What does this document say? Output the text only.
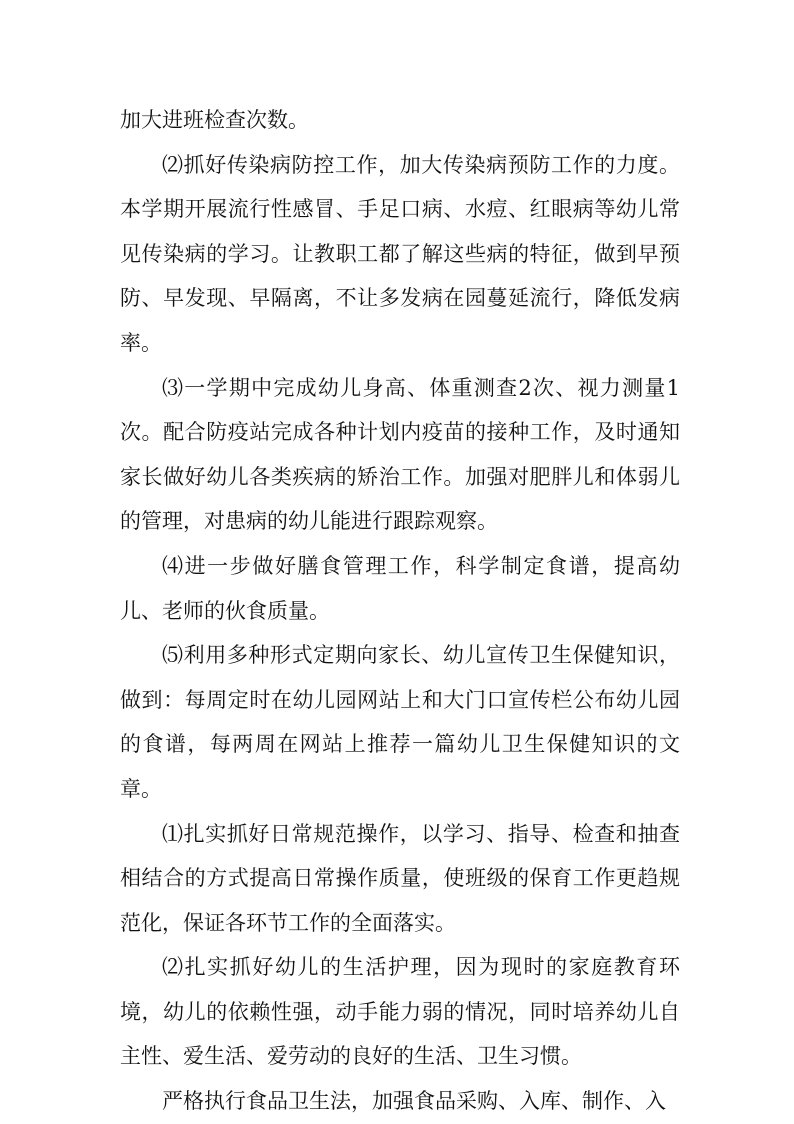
加大进班检查次数。

⑵抓好传染病防控工作，加大传染病预防工作的力度。本学期开展流行性感冒、手足口病、水痘、红眼病等幼儿常见传染病的学习。让教职工都了解这些病的特征，做到早预防、早发现、早隔离，不让多发病在园蔓延流行，降低发病率。

⑶一学期中完成幼儿身高、体重测查2次、视力测量1次。配合防疫站完成各种计划内疫苗的接种工作，及时通知家长做好幼儿各类疾病的矫治工作。加强对肥胖儿和体弱儿的管理，对患病的幼儿能进行跟踪观察。

⑷进一步做好膳食管理工作，科学制定食谱，提高幼儿、老师的伙食质量。

⑸利用多种形式定期向家长、幼儿宣传卫生保健知识，做到：每周定时在幼儿园网站上和大门口宣传栏公布幼儿园的食谱，每两周在网站上推荐一篇幼儿卫生保健知识的文章。

⑴扎实抓好日常规范操作，以学习、指导、检查和抽查相结合的方式提高日常操作质量，使班级的保育工作更趋规范化，保证各环节工作的全面落实。

⑵扎实抓好幼儿的生活护理，因为现时的家庭教育环境，幼儿的依赖性强，动手能力弱的情况，同时培养幼儿自主性、爱生活、爱劳动的良好的生活、卫生习惯。

严格执行食品卫生法，加强食品采购、入库、制作、入
